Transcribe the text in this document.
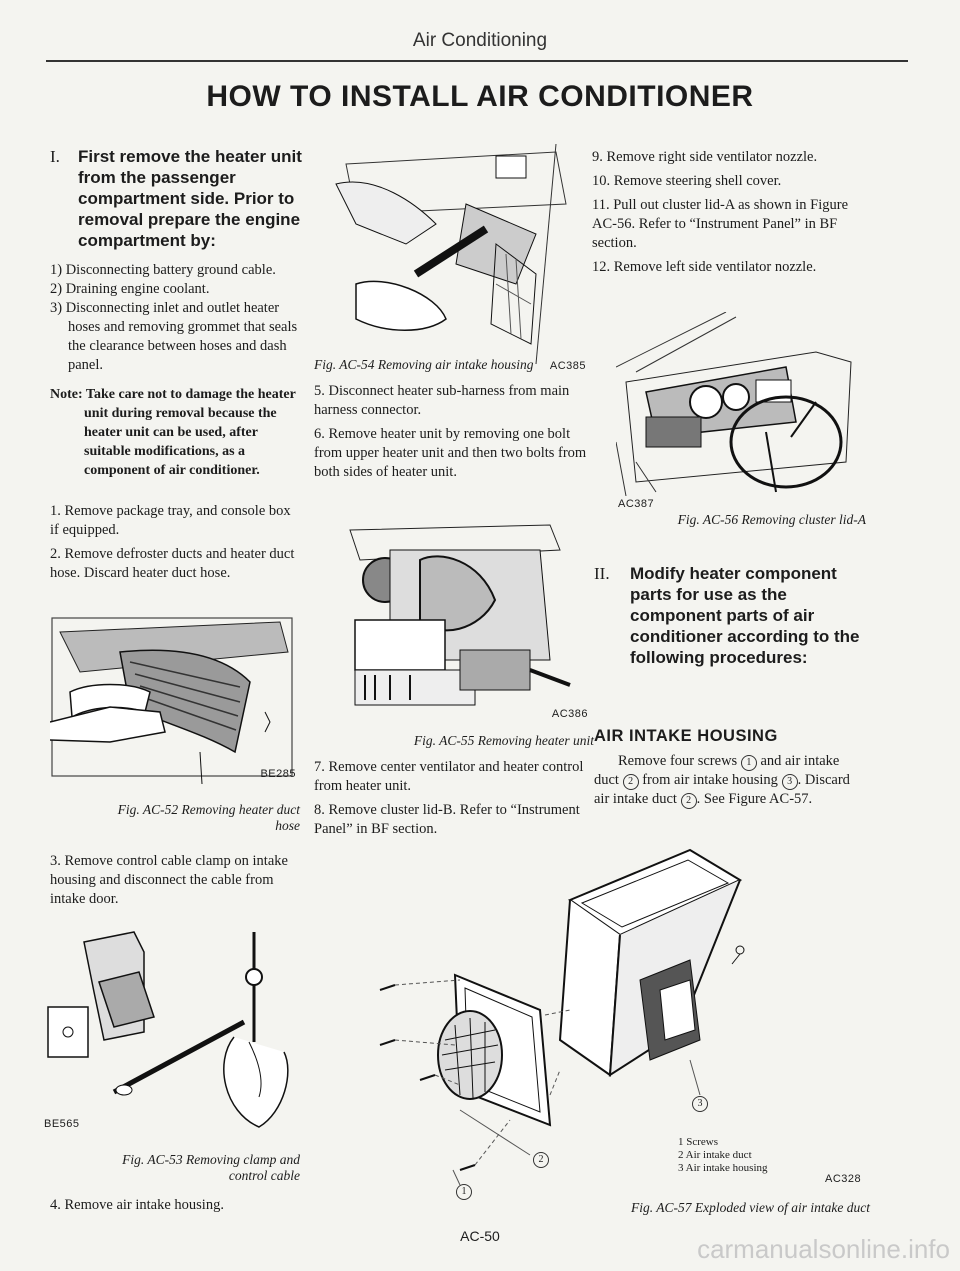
Air Conditioning
HOW TO INSTALL AIR CONDITIONER
I. First remove the heater unit from the passenger compartment side. Prior to removal prepare the engine compartment by:
1) Disconnecting battery ground cable.
2) Draining engine coolant.
3) Disconnecting inlet and outlet heater hoses and removing grommet that seals the clearance between hoses and dash panel.
Note: Take care not to damage the heater unit during removal because the heater unit can be used, after suitable modifications, as a component of air conditioner.

1. Remove package tray, and console box if equipped.

2. Remove defroster ducts and heater duct hose. Discard heater duct hose.

BE285
Fig. AC-52 Removing heater duct
hose

3. Remove control cable clamp on intake housing and disconnect the cable from intake door.

BE565
Fig. AC-53 Removing clamp and
control cable

4. Remove air intake housing.

AC385
Fig. AC-54 Removing air intake housing

5. Disconnect heater sub-harness from main harness connector.

6. Remove heater unit by removing one bolt from upper heater unit and then two bolts from both sides of heater unit.

AC386
Fig. AC-55 Removing heater unit

7. Remove center ventilator and heater control from heater unit.

8. Remove cluster lid-B. Refer to “Instrument Panel” in BF section.

9. Remove right side ventilator nozzle.

10. Remove steering shell cover.

11. Pull out cluster lid-A as shown in Figure AC-56. Refer to “Instrument Panel” in BF section.

12. Remove left side ventilator nozzle.

AC387
Fig. AC-56 Removing cluster lid-A
II. Modify heater component parts for use as the component parts of air conditioner according to the following procedures:
AIR INTAKE HOUSING
Remove four screws 1 and air intake duct 2 from air intake housing 3 . Discard air intake duct 2 . See Figure AC-57.
3
2
1
1 Screws
2 Air intake duct
3 Air intake housing
AC328
Fig. AC-57 Exploded view of air intake duct
AC-50	carmanualsonline.info
